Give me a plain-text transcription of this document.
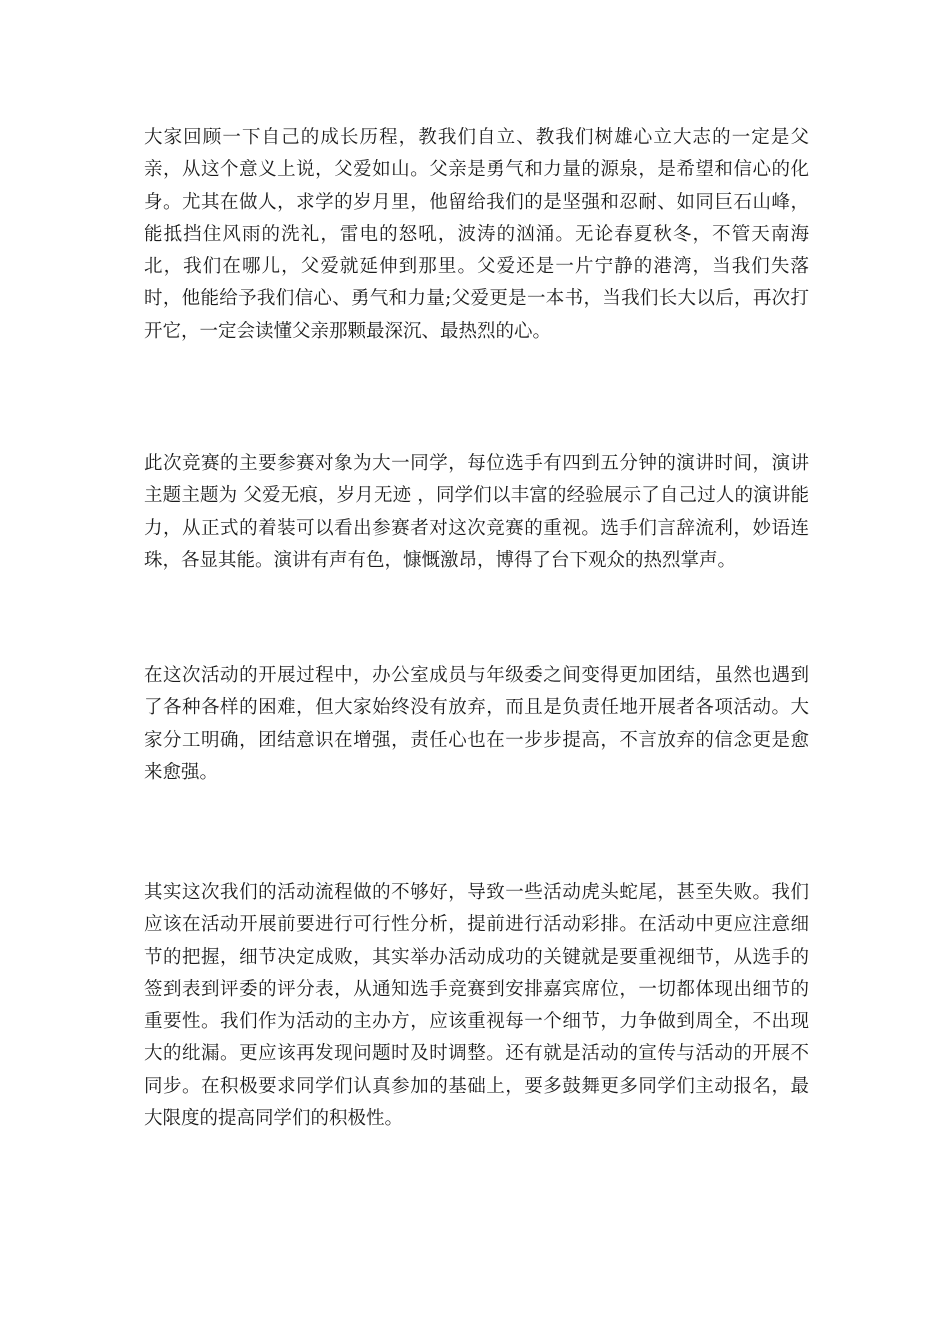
大家回顾一下自己的成长历程，教我们自立、教我们树雄心立大志的一定是父亲，从这个意义上说，父爱如山。父亲是勇气和力量的源泉，是希望和信心的化身。尤其在做人，求学的岁月里，他留给我们的是坚强和忍耐、如同巨石山峰，能抵挡住风雨的洗礼，雷电的怒吼，波涛的汹涌。无论春夏秋冬，不管天南海北，我们在哪儿，父爱就延伸到那里。父爱还是一片宁静的港湾，当我们失落时，他能给予我们信心、勇气和力量;父爱更是一本书，当我们长大以后，再次打开它，一定会读懂父亲那颗最深沉、最热烈的心。

此次竞赛的主要参赛对象为大一同学，每位选手有四到五分钟的演讲时间，演讲主题主题为 父爱无痕，岁月无迹 ，同学们以丰富的经验展示了自己过人的演讲能力，从正式的着装可以看出参赛者对这次竞赛的重视。选手们言辞流利，妙语连珠，各显其能。演讲有声有色，慷慨激昂，博得了台下观众的热烈掌声。

在这次活动的开展过程中，办公室成员与年级委之间变得更加团结，虽然也遇到了各种各样的困难，但大家始终没有放弃，而且是负责任地开展者各项活动。大家分工明确，团结意识在增强，责任心也在一步步提高，不言放弃的信念更是愈来愈强。

其实这次我们的活动流程做的不够好，导致一些活动虎头蛇尾，甚至失败。我们应该在活动开展前要进行可行性分析，提前进行活动彩排。在活动中更应注意细节的把握，细节决定成败，其实举办活动成功的关键就是要重视细节，从选手的签到表到评委的评分表，从通知选手竞赛到安排嘉宾席位，一切都体现出细节的重要性。我们作为活动的主办方，应该重视每一个细节，力争做到周全，不出现大的纰漏。更应该再发现问题时及时调整。还有就是活动的宣传与活动的开展不同步。在积极要求同学们认真参加的基础上，要多鼓舞更多同学们主动报名，最大限度的提高同学们的积极性。
